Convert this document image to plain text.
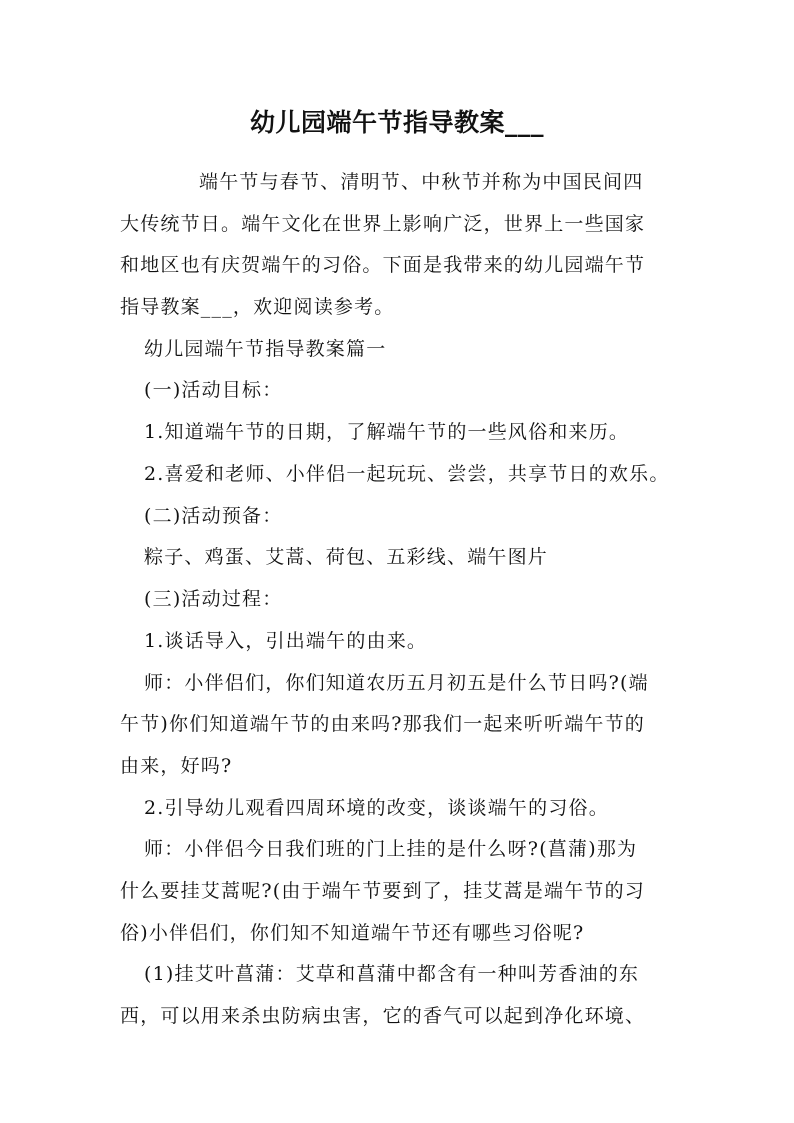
幼儿园端午节指导教案___
端午节与春节、清明节、中秋节并称为中国民间四
大传统节日。端午文化在世界上影响广泛，世界上一些国家
和地区也有庆贺端午的习俗。下面是我带来的幼儿园端午节
指导教案___，欢迎阅读参考。
幼儿园端午节指导教案篇一
(一)活动目标：
1.知道端午节的日期，了解端午节的一些风俗和来历。
2.喜爱和老师、小伴侣一起玩玩、尝尝，共享节日的欢乐。
(二)活动预备：
粽子、鸡蛋、艾蒿、荷包、五彩线、端午图片
(三)活动过程：
1.谈话导入，引出端午的由来。
师：小伴侣们，你们知道农历五月初五是什么节日吗?(端
午节)你们知道端午节的由来吗?那我们一起来听听端午节的
由来，好吗?
2.引导幼儿观看四周环境的改变，谈谈端午的习俗。
师：小伴侣今日我们班的门上挂的是什么呀?(菖蒲)那为
什么要挂艾蒿呢?(由于端午节要到了，挂艾蒿是端午节的习
俗)小伴侣们，你们知不知道端午节还有哪些习俗呢?
(1)挂艾叶菖蒲：艾草和菖蒲中都含有一种叫芳香油的东
西，可以用来杀虫防病虫害，它的香气可以起到净化环境、
